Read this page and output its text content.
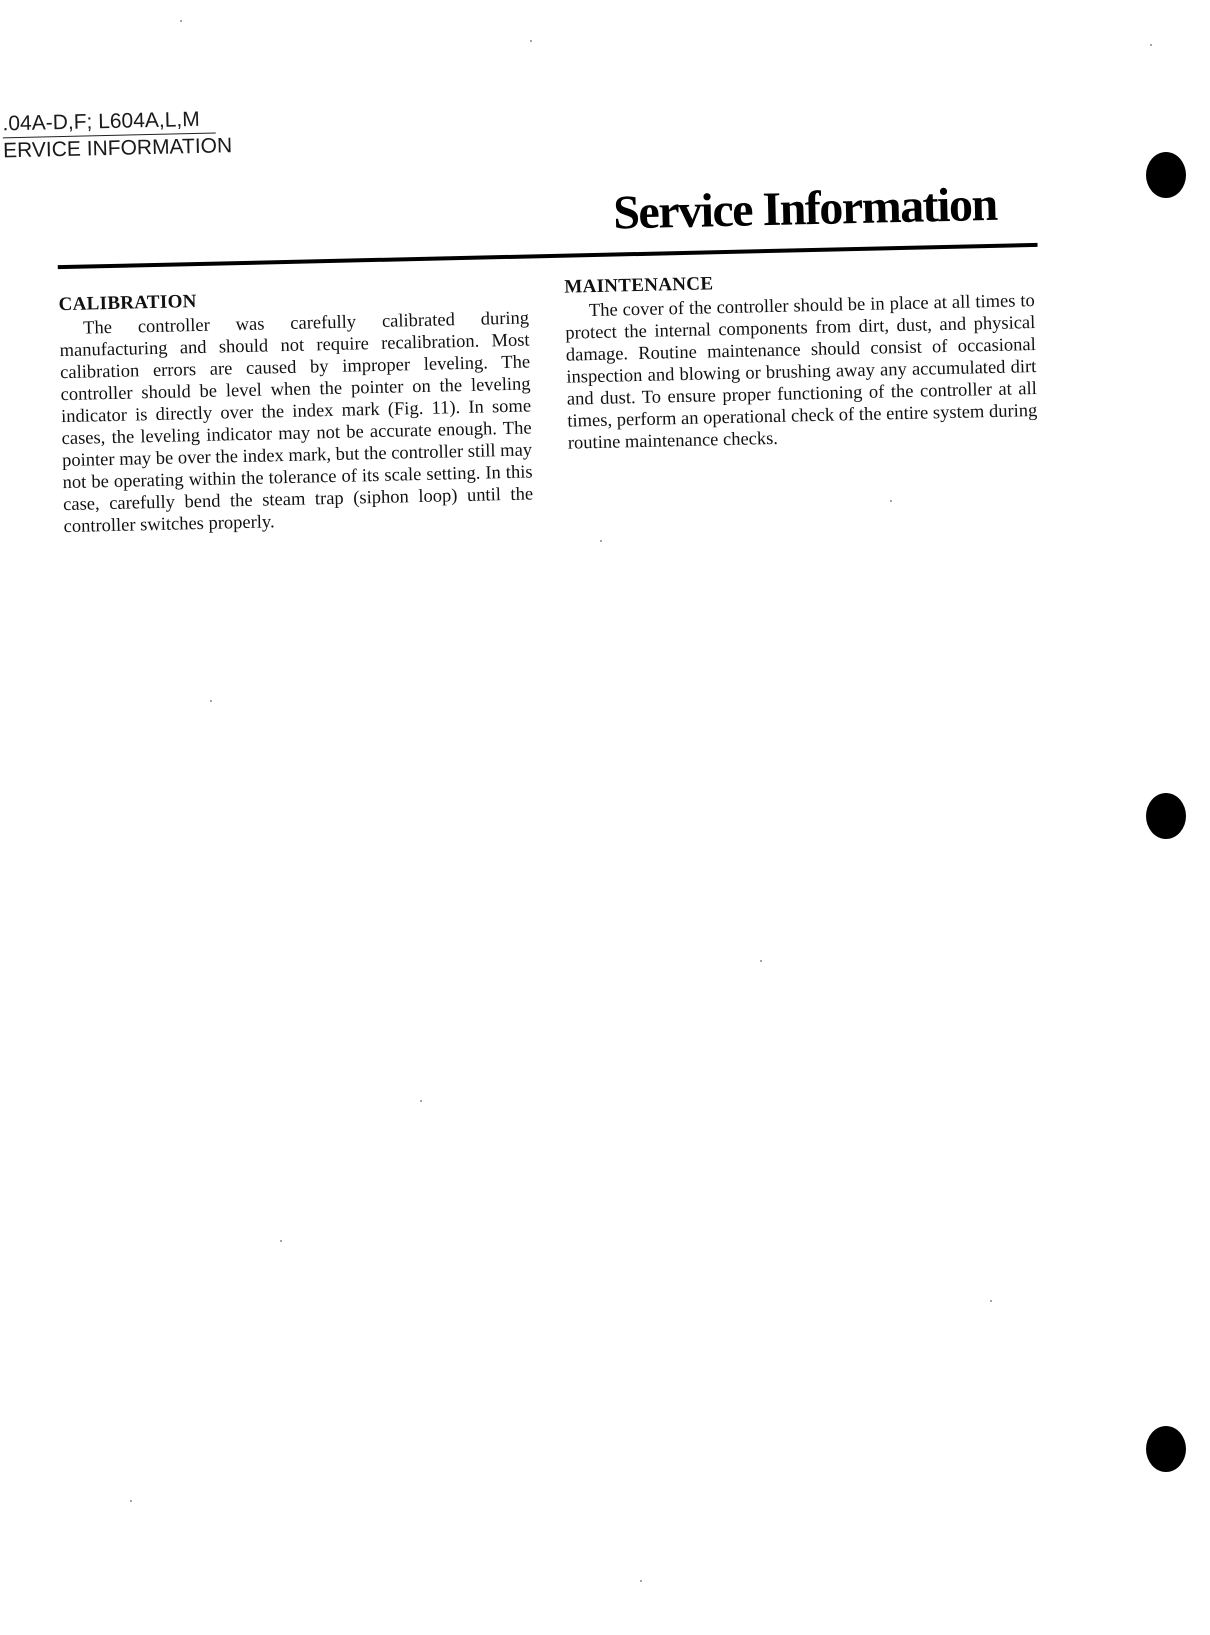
.04A-D,F; L604A,L,M
ERVICE INFORMATION
Service Information
CALIBRATION

The controller was carefully calibrated during manufacturing and should not require recalibration. Most calibration errors are caused by improper leveling. The controller should be level when the pointer on the leveling indicator is directly over the index mark (Fig. 11). In some cases, the leveling indicator may not be accurate enough. The pointer may be over the index mark, but the controller still may not be operating within the tolerance of its scale setting. In this case, carefully bend the steam trap (siphon loop) until the controller switches properly.

MAINTENANCE

The cover of the controller should be in place at all times to protect the internal components from dirt, dust, and physical damage. Routine maintenance should consist of occasional inspection and blowing or brushing away any accumulated dirt and dust. To ensure proper functioning of the controller at all times, perform an operational check of the entire system during routine maintenance checks.
